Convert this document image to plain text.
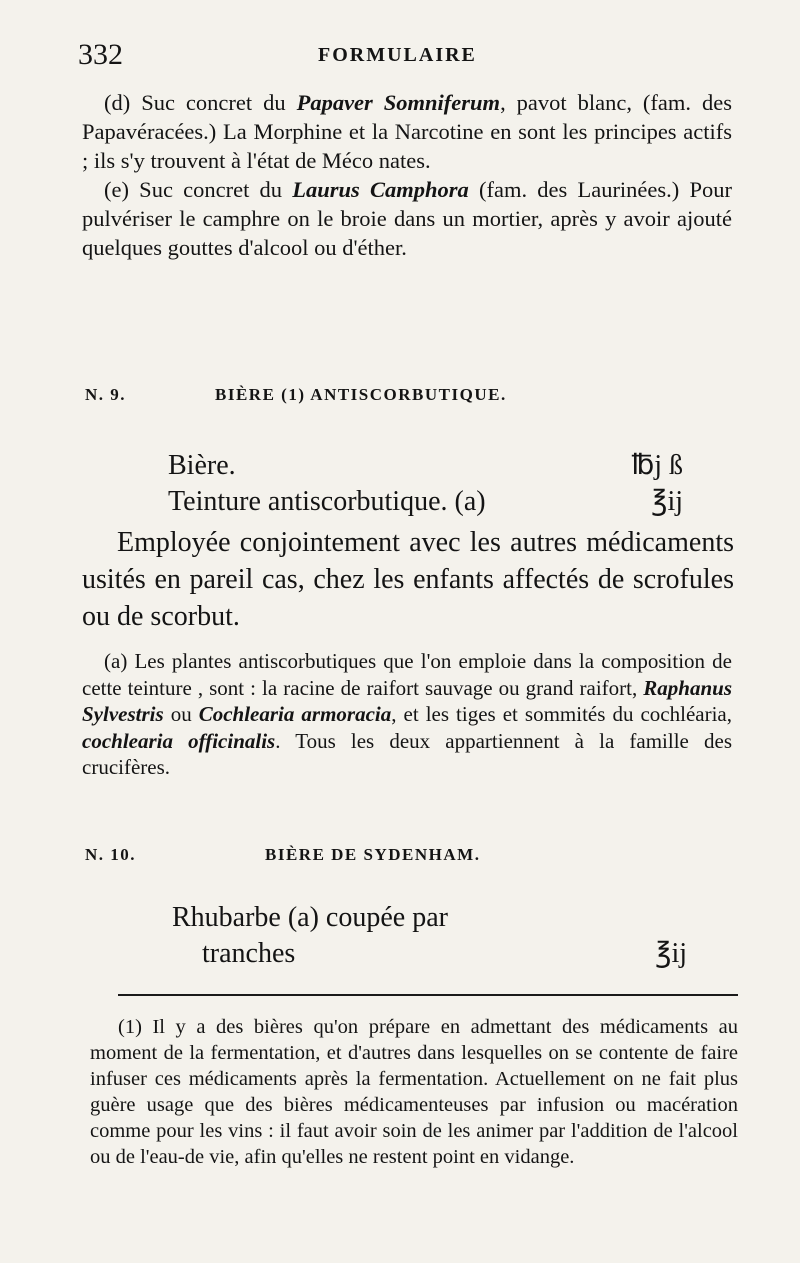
332	FORMULAIRE

(d) Suc concret du Papaver Somniferum, pavot blanc, (fam. des Papavéracées.) La Morphine et la Narcotine en sont les principes actifs ; ils s'y trouvent à l'état de Méco nates.

(e) Suc concret du Laurus Camphora (fam. des Laurinées.) Pour pulvériser le camphre on le broie dans un mortier, après y avoir ajouté quelques gouttes d'alcool ou d'éther.

N. 9.	BIÈRE (1) ANTISCORBUTIQUE.
Bière.	℔j ß
Teinture antiscorbutique. (a)	℥ij

Employée conjointement avec les autres médicaments usités en pareil cas, chez les enfants affectés de scrofules ou de scorbut.

(a) Les plantes antiscorbutiques que l'on emploie dans la composition de cette teinture , sont : la racine de raifort sauvage ou grand raifort, Raphanus Sylvestris ou Cochlearia armoracia, et les tiges et sommités du cochléaria, cochlearia officinalis. Tous les deux appartiennent à la famille des crucifères.

N. 10.	BIÈRE DE SYDENHAM.
Rhubarbe (a) coupée par
tranches	℥ij

(1) Il y a des bières qu'on prépare en admettant des médicaments au moment de la fermentation, et d'autres dans lesquelles on se contente de faire infuser ces médicaments après la fermentation. Actuellement on ne fait plus guère usage que des bières médicamenteuses par infusion ou macération comme pour les vins : il faut avoir soin de les animer par l'addition de l'alcool ou de l'eau-de vie, afin qu'elles ne restent point en vidange.
